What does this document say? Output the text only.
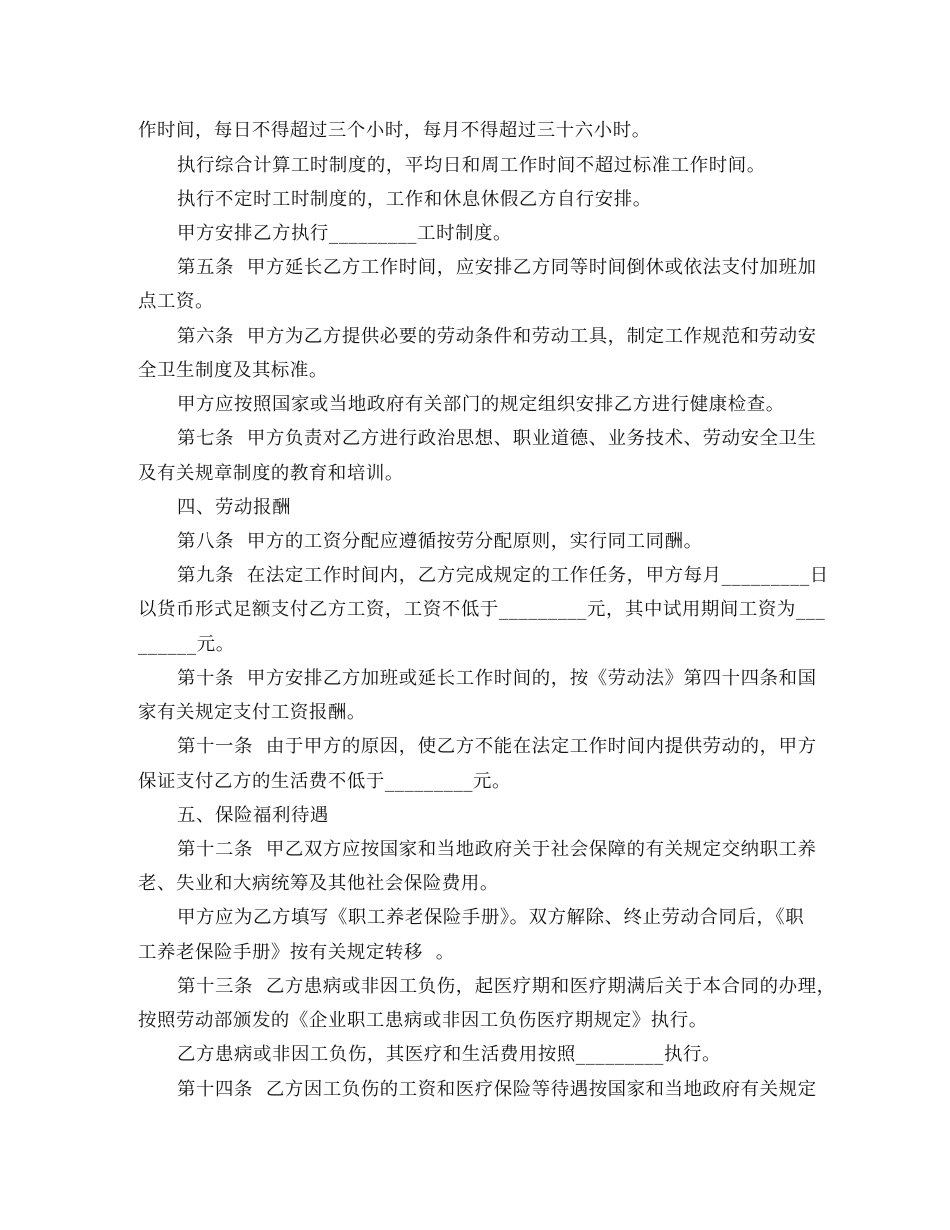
作时间，每日不得超过三个小时，每月不得超过三十六小时。
执行综合计算工时制度的，平均日和周工作时间不超过标准工作时间。
执行不定时工时制度的，工作和休息休假乙方自行安排。
甲方安排乙方执行_________工时制度。
第五条  甲方延长乙方工作时间，应安排乙方同等时间倒休或依法支付加班加
点工资。
第六条  甲方为乙方提供必要的劳动条件和劳动工具，制定工作规范和劳动安
全卫生制度及其标准。
甲方应按照国家或当地政府有关部门的规定组织安排乙方进行健康检查。
第七条  甲方负责对乙方进行政治思想、职业道德、业务技术、劳动安全卫生
及有关规章制度的教育和培训。
四、劳动报酬
第八条  甲方的工资分配应遵循按劳分配原则，实行同工同酬。
第九条  在法定工作时间内，乙方完成规定的工作任务，甲方每月_________日
以货币形式足额支付乙方工资，工资不低于_________元，其中试用期间工资为___
______元。
第十条  甲方安排乙方加班或延长工作时间的，按《劳动法》第四十四条和国
家有关规定支付工资报酬。
第十一条  由于甲方的原因，使乙方不能在法定工作时间内提供劳动的，甲方
保证支付乙方的生活费不低于_________元。
五、保险福利待遇
第十二条  甲乙双方应按国家和当地政府关于社会保障的有关规定交纳职工养
老、失业和大病统筹及其他社会保险费用。
甲方应为乙方填写《职工养老保险手册》。双方解除、终止劳动合同后，《职
工养老保险手册》按有关规定转移  。
第十三条  乙方患病或非因工负伤，起医疗期和医疗期满后关于本合同的办理，
按照劳动部颁发的《企业职工患病或非因工负伤医疗期规定》执行。
乙方患病或非因工负伤，其医疗和生活费用按照_________执行。
第十四条  乙方因工负伤的工资和医疗保险等待遇按国家和当地政府有关规定
